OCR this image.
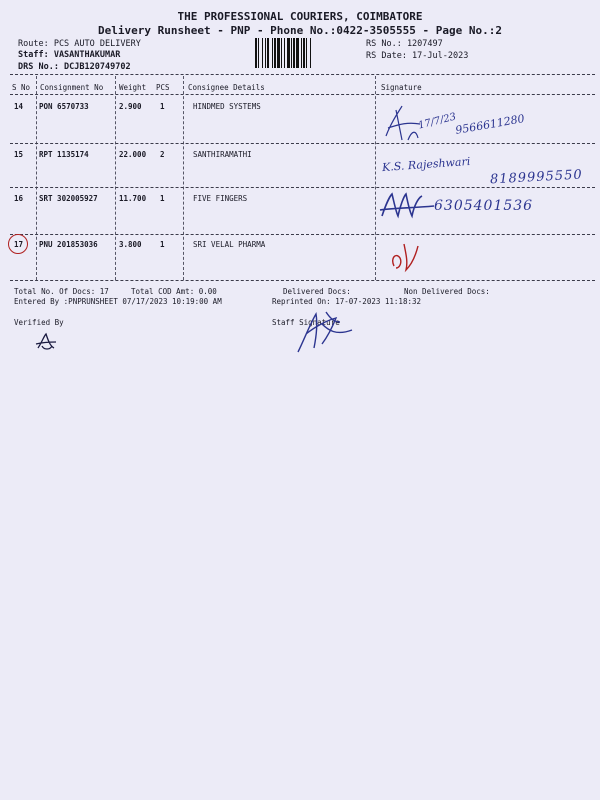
THE PROFESSIONAL COURIERS, COIMBATORE
Delivery Runsheet - PNP - Phone No.:0422-3505555 - Page No.:2
Route: PCS AUTO DELIVERY
Staff: VASANTHAKUMAR
DRS No.: DCJB120749702
RS No.: 1207497
RS Date: 17-Jul-2023
S No Consignment No Weight PCS Consignee Details	Signature
14 PON 6570733	2.900 1	HINDMED SYSTEMS
17/7/23
9566611280
15 RPT 1135174	22.000 2	SANTHIRAMATHI
K.S. Rajeshwari
8189995550
16 SRT 302005927	11.700 1	FIVE FINGERS	6305401536
17 PNU 201853036	3.800 1	SRI VELAL PHARMA
Total No. Of Docs: 17	Total COD Amt: 0.00	Delivered Docs:	Non Delivered Docs:
Entered By :PNPRUNSHEET 07/17/2023 10:19:00 AM	Reprinted On: 17-07-2023 11:18:32
Verified By	Staff Signature
